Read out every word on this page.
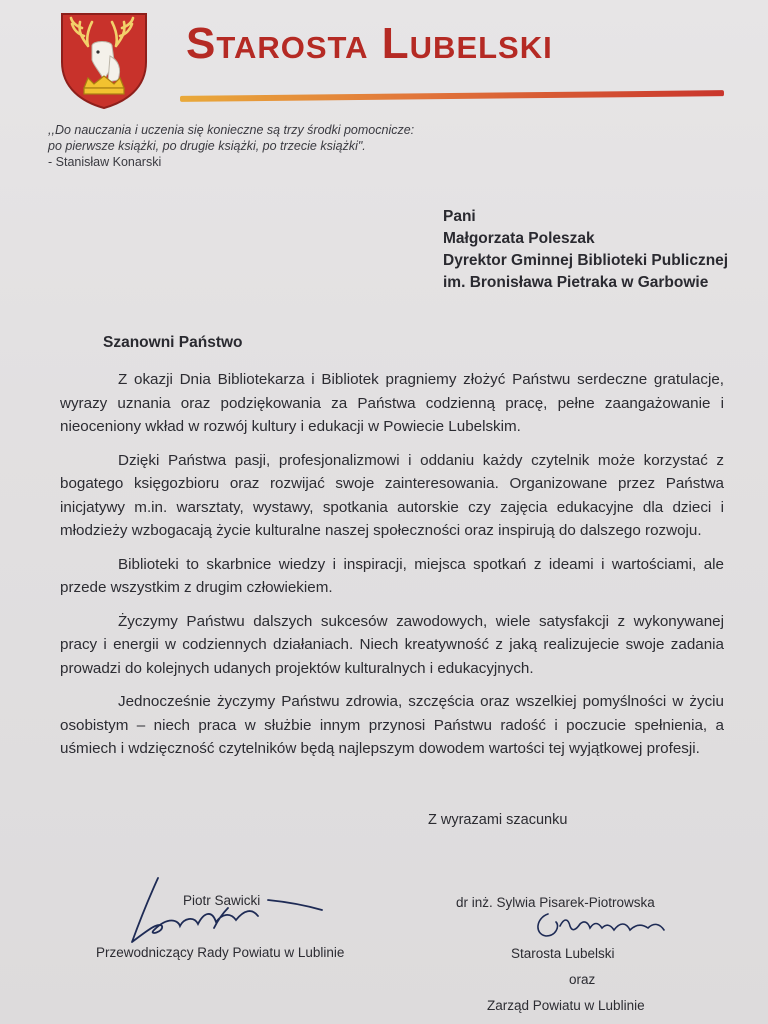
Starosta Lubelski
,,Do nauczania i uczenia się konieczne są trzy środki pomocnicze:
po pierwsze książki, po drugie książki, po trzecie książki".
- Stanisław Konarski
Pani
Małgorzata Poleszak
Dyrektor Gminnej Biblioteki Publicznej
im. Bronisława Pietraka w Garbowie
Szanowni Państwo

Z okazji Dnia Bibliotekarza i Bibliotek pragniemy złożyć Państwu serdeczne gratulacje, wyrazy uznania oraz podziękowania za Państwa codzienną pracę, pełne zaangażowanie i nieoceniony wkład w rozwój kultury i edukacji w Powiecie Lubelskim.

Dzięki Państwa pasji, profesjonalizmowi i oddaniu każdy czytelnik może korzystać z bogatego księgozbioru oraz rozwijać swoje zainteresowania. Organizowane przez Państwa inicjatywy m.in. warsztaty, wystawy, spotkania autorskie czy zajęcia edukacyjne dla dzieci i młodzieży wzbogacają życie kulturalne naszej społeczności oraz inspirują do dalszego rozwoju.

Biblioteki to skarbnice wiedzy i inspiracji, miejsca spotkań z ideami i wartościami, ale przede wszystkim z drugim człowiekiem.

Życzymy Państwu dalszych sukcesów zawodowych, wiele satysfakcji z wykonywanej pracy i energii w codziennych działaniach. Niech kreatywność z jaką realizujecie swoje zadania prowadzi do kolejnych udanych projektów kulturalnych i edukacyjnych.

Jednocześnie życzymy Państwu zdrowia, szczęścia oraz wszelkiej pomyślności w życiu osobistym – niech praca w służbie innym przynosi Państwu radość i poczucie spełnienia, a uśmiech i wdzięczność czytelników będą najlepszym dowodem wartości tej wyjątkowej profesji.

Z wyrazami szacunku
Piotr Sawicki
Przewodniczący Rady Powiatu w Lublinie
dr inż. Sylwia Pisarek-Piotrowska
Starosta Lubelski
oraz
Zarząd Powiatu w Lublinie
